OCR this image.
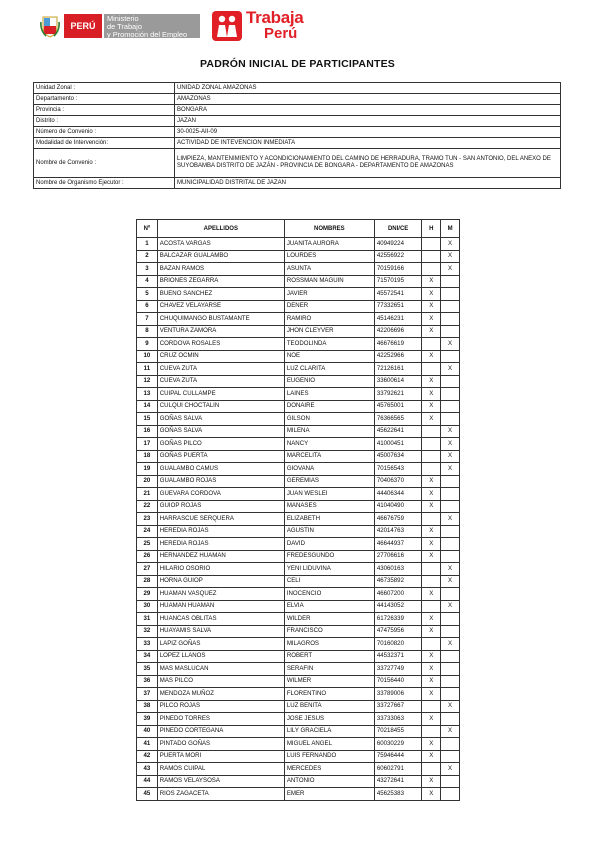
PERÚ
Ministerio
de Trabajo
y Promoción del Empleo
Trabaja
Perú
PADRÓN INICIAL DE PARTICIPANTES
Unidad Zonal :	UNIDAD ZONAL AMAZONAS
Departamento :	AMAZONAS
Provincia :	BONGARA
Distrito :	JAZAN
Número de Convenio :	30-0025-AII-09
Modalidad de Intervención:	ACTIVIDAD DE INTEVENCION INMEDIATA
Nombre de Convenio :	LIMPIEZA, MANTENIMIENTO Y ACONDICIONAMIENTO DEL CAMINO DE HERRADURA, TRAMO TUN - SAN ANTONIO, DEL ANEXO DE SUYOBAMBA DISTRITO DE JAZÁN - PROVINCIA DE BONGARA - DEPARTAMENTO DE AMAZONAS
Nombre de Organismo Ejecutor :	MUNICIPALIDAD DISTRITAL DE JAZAN
Nº	APELLIDOS	NOMBRES	DNI/CE	H	M
1	ACOSTA VARGAS	JUANITA AURORA	40949224		X
2	BALCAZAR GUALAMBO	LOURDES	42556922		X
3	BAZAN RAMOS	ASUNTA	70159166		X
4	BRIONES ZEGARRA	ROSSMAN MAGUIN	71570195	X	
5	BUENO SANCHEZ	JAVIER	45572541	X	
6	CHAVEZ VELAYARSE	DENER	77332651	X	
7	CHUQUIMANGO BUSTAMANTE	RAMIRO	45146231	X	
8	VENTURA ZAMORA	JHON CLEYVER	42206696	X	
9	CORDOVA ROSALES	TEODOLINDA	46676619		X
10	CRUZ OCMIN	NOE	42252966	X	
11	CUEVA ZUTA	LUZ CLARITA	72126161		X
12	CUEVA ZUTA	EUGENIO	33600614	X	
13	CUIPAL CULLAMPE	LAINES	33792621	X	
14	CULQUI CHOCTALIN	DONAIRE	45765001	X	
15	GOÑAS SALVA	GILSON	76366565	X	
16	GOÑAS SALVA	MILENA	45622641		X
17	GOÑAS PILCO	NANCY	41000451		X
18	GOÑAS PUERTA	MARCELITA	45007634		X
19	GUALAMBO CAMUS	GIOVANA	70156543		X
20	GUALAMBO ROJAS	GEREMIAS	70406370	X	
21	GUEVARA CORDOVA	JUAN WESLEI	44406344	X	
22	GUIOP ROJAS	MANASES	41040490	X	
23	HARRASCUE SERQUERA	ELIZABETH	46676759		X
24	HEREDIA ROJAS	AGUSTIN	42014763	X	
25	HEREDIA ROJAS	DAVID	46644937	X	
26	HERNANDEZ HUAMAN	FREDESGUNDO	27706616	X	
27	HILARIO OSORIO	YENI LIDUVINA	43060163		X
28	HORNA GUIOP	CELI	46735892		X
29	HUAMAN VASQUEZ	INOCENCIO	46607200	X	
30	HUAMAN HUAMAN	ELVIA	44143052		X
31	HUANCAS OBLITAS	WILDER	61726339	X	
32	HUAYAMIS SALVA	FRANCISCO	47475956	X	
33	LAPIZ GOÑAS	MILAGROS	70160820		X
34	LOPEZ LLANOS	ROBERT	44532371	X	
35	MAS MASLUCAN	SERAFIN	33727749	X	
36	MAS PILCO	WILMER	70156440	X	
37	MENDOZA MUÑOZ	FLORENTINO	33789006	X	
38	PILCO ROJAS	LUZ BENITA	33727667		X
39	PINEDO TORRES	JOSE JESUS	33733063	X	
40	PINEDO CORTEGANA	LILY GRACIELA	70218455		X
41	PINTADO GOÑAS	MIGUEL ANGEL	60030229	X	
42	PUERTA MORI	LUIS FERNANDO	75946444	X	
43	RAMOS CUIPAL	MERCEDES	60602791		X
44	RAMOS VELAYSOSA	ANTONIO	43272641	X	
45	RIOS ZAGACETA	EMER	45625383	X	
